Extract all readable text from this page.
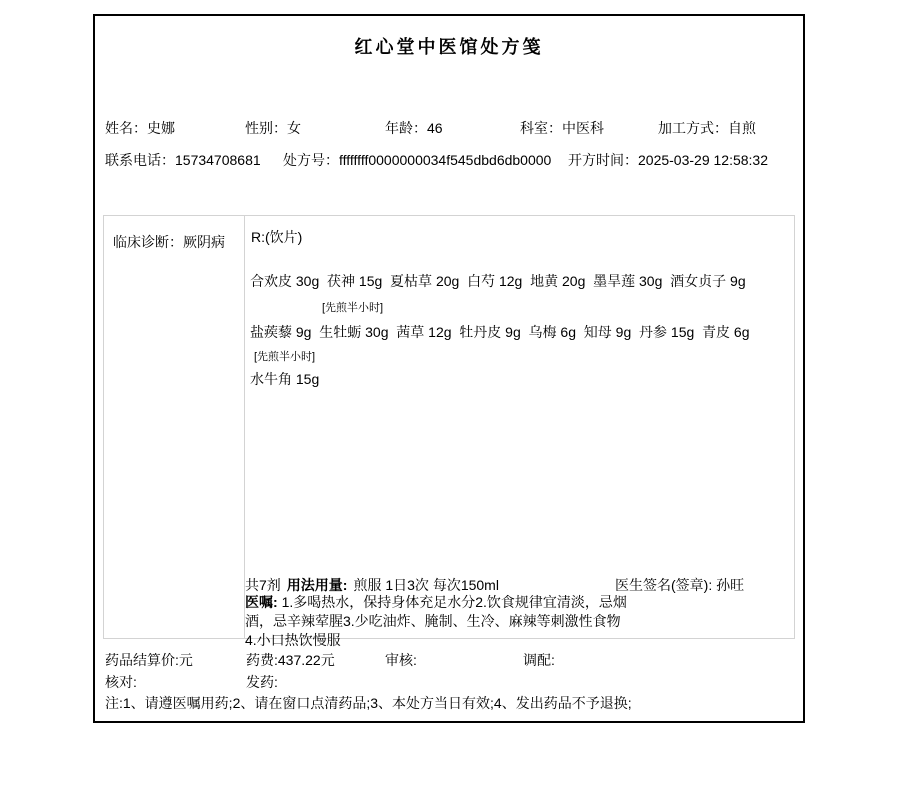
红心堂中医馆处方笺
姓名：史娜	性别：女	年龄：46	科室：中医科	加工方式：自煎
联系电话：15734708681 处方号：ffffffff0000000034f545dbd6db0000 开方时间：2025-03-29 12:58:32
临床诊断：厥阴病 R:(饮片)
合欢皮 30g  茯神 15g  夏枯草 20g  白芍 12g  地黄 20g  墨旱莲 30g  酒女贞子 9g
[先煎半小时]
盐蒺藜 9g  生牡蛎 30g  茜草 12g  牡丹皮 9g  乌梅 6g  知母 9g  丹参 15g  青皮 6g
[先煎半小时]
水牛角 15g
共7剂 用法用量: 煎服 1日3次 每次150ml	医生签名(签章): 孙旺
医嘱: 1.多喝热水，保持身体充足水分2.饮食规律宜清淡，忌烟酒，忌辛辣荤腥3.少吃油炸、腌制、生冷、麻辣等刺激性食物4.小口热饮慢服
药品结算价:元	药费:437.22元	审核:	调配:
核对:	发药:
注:1、请遵医嘱用药;2、请在窗口点清药品;3、本处方当日有效;4、发出药品不予退换;
